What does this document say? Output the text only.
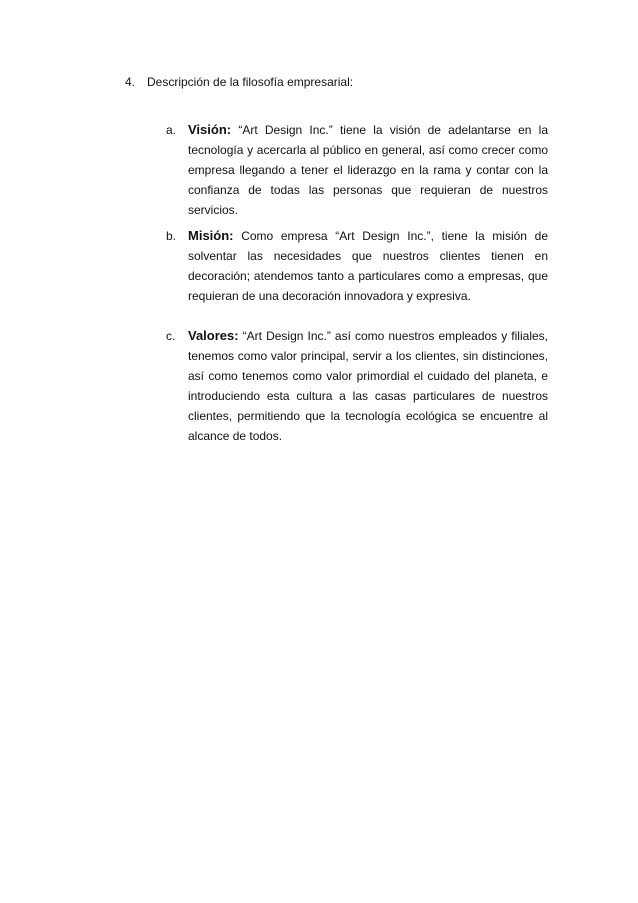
4. Descripción de la filosofía empresarial:
a. Visión: “Art Design Inc.” tiene la visión de adelantarse en la tecnología y acercarla al público en general, así como crecer como empresa llegando a tener el liderazgo en la rama y contar con la confianza de todas las personas que requieran de nuestros servicios.
b. Misión: Como empresa “Art Design Inc.”, tiene la misión de solventar las necesidades que nuestros clientes tienen en decoración; atendemos tanto a particulares como a empresas, que requieran de una decoración innovadora y expresiva.
c. Valores: “Art Design Inc.” así como nuestros empleados y filiales, tenemos como valor principal, servir a los clientes, sin distinciones, así como tenemos como valor primordial el cuidado del planeta, e introduciendo esta cultura a las casas particulares de nuestros clientes, permitiendo que la tecnología ecológica se encuentre al alcance de todos.
